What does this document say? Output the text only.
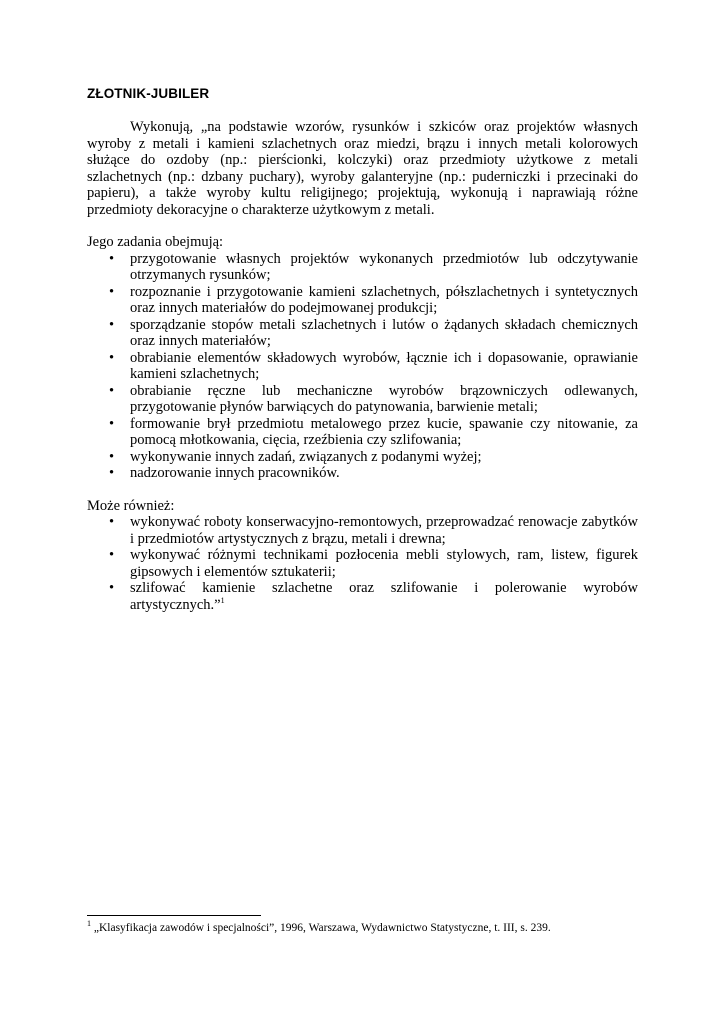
ZŁOTNIK-JUBILER

Wykonują, „na podstawie wzorów, rysunków i szkiców oraz projektów własnych wyroby z metali i kamieni szlachetnych oraz miedzi, brązu i innych metali kolorowych służące do ozdoby (np.: pierścionki, kolczyki) oraz przedmioty użytkowe z metali szlachetnych (np.: dzbany puchary), wyroby galanteryjne (np.: puderniczki i przecinaki do papieru), a także wyroby kultu religijnego; projektują, wykonują i naprawiają różne przedmioty dekoracyjne o charakterze użytkowym z metali.

Jego zadania obejmują:

• przygotowanie własnych projektów wykonanych przedmiotów lub odczytywanie otrzymanych rysunków;
• rozpoznanie i przygotowanie kamieni szlachetnych, półszlachetnych i syntetycznych oraz innych materiałów do podejmowanej produkcji;
• sporządzanie stopów metali szlachetnych i lutów o żądanych składach chemicznych oraz innych materiałów;
• obrabianie elementów składowych wyrobów, łącznie ich i dopasowanie, oprawianie kamieni szlachetnych;
• obrabianie ręczne lub mechaniczne wyrobów brązowniczych odlewanych, przygotowanie płynów barwiących do patynowania, barwienie metali;
• formowanie brył przedmiotu metalowego przez kucie, spawanie czy nitowanie, za pomocą młotkowania, cięcia, rzeźbienia czy szlifowania;
• wykonywanie innych zadań, związanych z podanymi wyżej;
• nadzorowanie innych pracowników.

Może również:

• wykonywać roboty konserwacyjno-remontowych, przeprowadzać renowacje zabytków i przedmiotów artystycznych z brązu, metali i drewna;
• wykonywać różnymi technikami pozłocenia mebli stylowych, ram, listew, figurek gipsowych i elementów sztukaterii;
• szlifować kamienie szlachetne oraz szlifowanie i polerowanie wyrobów artystycznych.”$^1$
$^1$ „Klasyfikacja zawodów i specjalności”, 1996, Warszawa, Wydawnictwo Statystyczne, t. III, s. 239.
